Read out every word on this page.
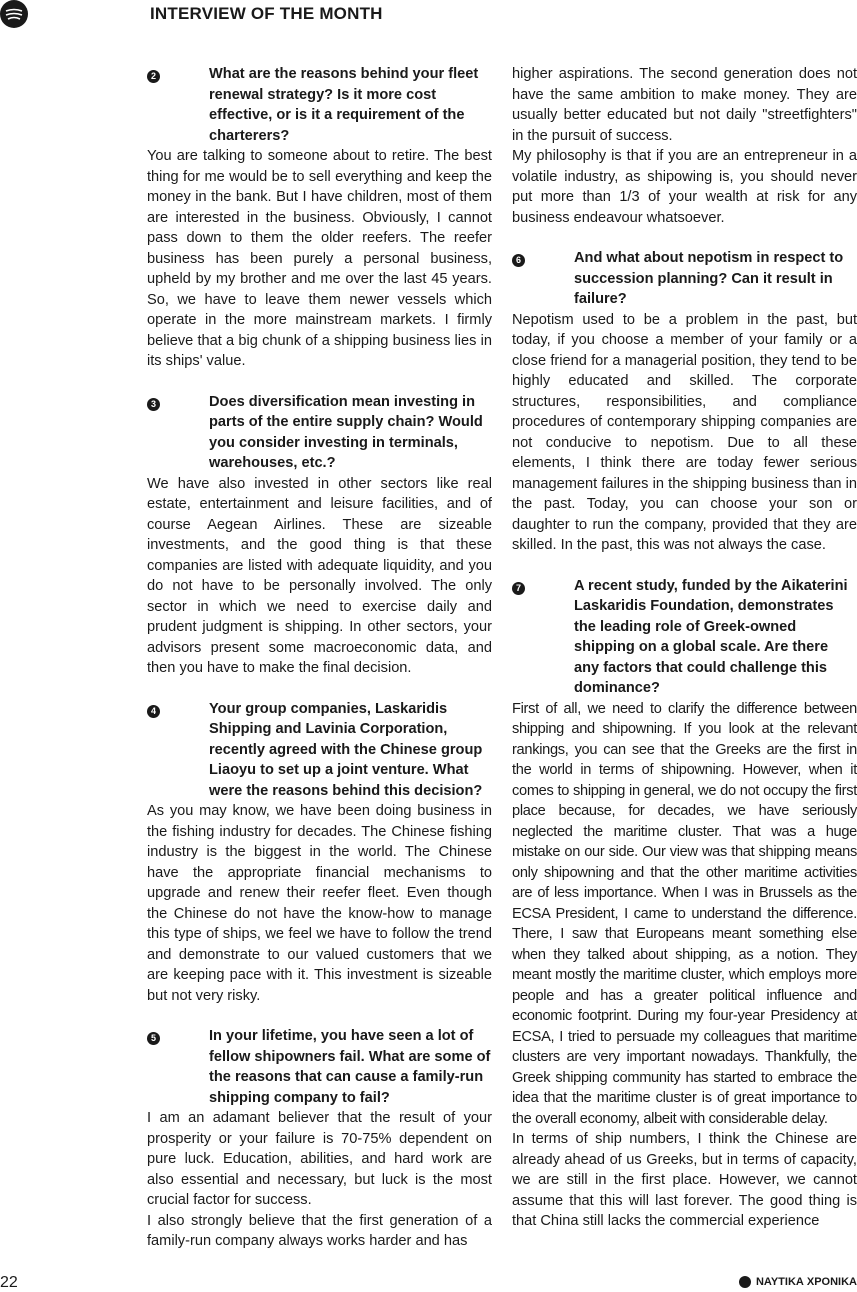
INTERVIEW OF THE MONTH
2	What are the reasons behind your fleet renewal strategy? Is it more cost effective, or is it a requirement of the charterers?

You are talking to someone about to retire. The best thing for me would be to sell everything and keep the money in the bank. But I have children, most of them are interested in the business. Obviously, I cannot pass down to them the older reefers. The reefer business has been purely a personal business, upheld by my brother and me over the last 45 years. So, we have to leave them newer vessels which operate in the more mainstream markets. I firmly believe that a big chunk of a shipping business lies in its ships' value.

3	Does diversification mean investing in parts of the entire supply chain? Would you consider investing in terminals, warehouses, etc.?

We have also invested in other sectors like real estate, entertainment and leisure facilities, and of course Aegean Airlines. These are sizeable investments, and the good thing is that these companies are listed with adequate liquidity, and you do not have to be personally involved. The only sector in which we need to exercise daily and prudent judgment is shipping. In other sectors, your advisors present some macroeconomic data, and then you have to make the final decision.

4	Your group companies, Laskaridis Shipping and Lavinia Corporation, recently agreed with the Chinese group Liaoyu to set up a joint venture. What were the reasons behind this decision?

As you may know, we have been doing business in the fishing industry for decades. The Chinese fishing industry is the biggest in the world. The Chinese have the appropriate financial mechanisms to upgrade and renew their reefer fleet. Even though the Chinese do not have the know-how to manage this type of ships, we feel we have to follow the trend and demonstrate to our valued customers that we are keeping pace with it. This investment is sizeable but not very risky.

5	In your lifetime, you have seen a lot of fellow shipowners fail. What are some of the reasons that can cause a family-run shipping company to fail?

I am an adamant believer that the result of your prosperity or your failure is 70-75% dependent on pure luck. Education, abilities, and hard work are also essential and necessary, but luck is the most crucial factor for success.

I also strongly believe that the first generation of a family-run company always works harder and has

higher aspirations. The second generation does not have the same ambition to make money. They are usually better educated but not daily "streetfighters" in the pursuit of success.

My philosophy is that if you are an entrepreneur in a volatile industry, as shipowing is, you should never put more than 1/3 of your wealth at risk for any business endeavour whatsoever.

6	And what about nepotism in respect to succession planning? Can it result in failure?

Nepotism used to be a problem in the past, but today, if you choose a member of your family or a close friend for a managerial position, they tend to be highly educated and skilled. The corporate structures, responsibilities, and compliance procedures of contemporary shipping companies are not conducive to nepotism. Due to all these elements, I think there are today fewer serious management failures in the shipping business than in the past. Today, you can choose your son or daughter to run the company, provided that they are skilled. In the past, this was not always the case.

7	A recent study, funded by the Aikaterini Laskaridis Foundation, demonstrates the leading role of Greek-owned shipping on a global scale. Are there any factors that could challenge this dominance?

First of all, we need to clarify the difference between shipping and shipowning. If you look at the relevant rankings, you can see that the Greeks are the first in the world in terms of shipowning. However, when it comes to shipping in general, we do not occupy the first place because, for decades, we have seriously neglected the maritime cluster. That was a huge mistake on our side. Our view was that shipping means only shipowning and that the other maritime activities are of less importance. When I was in Brussels as the ECSA President, I came to understand the difference. There, I saw that Europeans meant something else when they talked about shipping, as a notion. They meant mostly the maritime cluster, which employs more people and has a greater political influence and economic footprint. During my four-year Presidency at ECSA, I tried to persuade my colleagues that maritime clusters are very important nowadays. Thankfully, the Greek shipping community has started to embrace the idea that the maritime cluster is of great importance to the overall economy, albeit with considerable delay.

In terms of ship numbers, I think the Chinese are already ahead of us Greeks, but in terms of capacity, we are still in the first place. However, we cannot assume that this will last forever. The good thing is that China still lacks the commercial experience

22	ΝΑΥΤΙΚΑ ΧΡΟΝΙΚΑ
